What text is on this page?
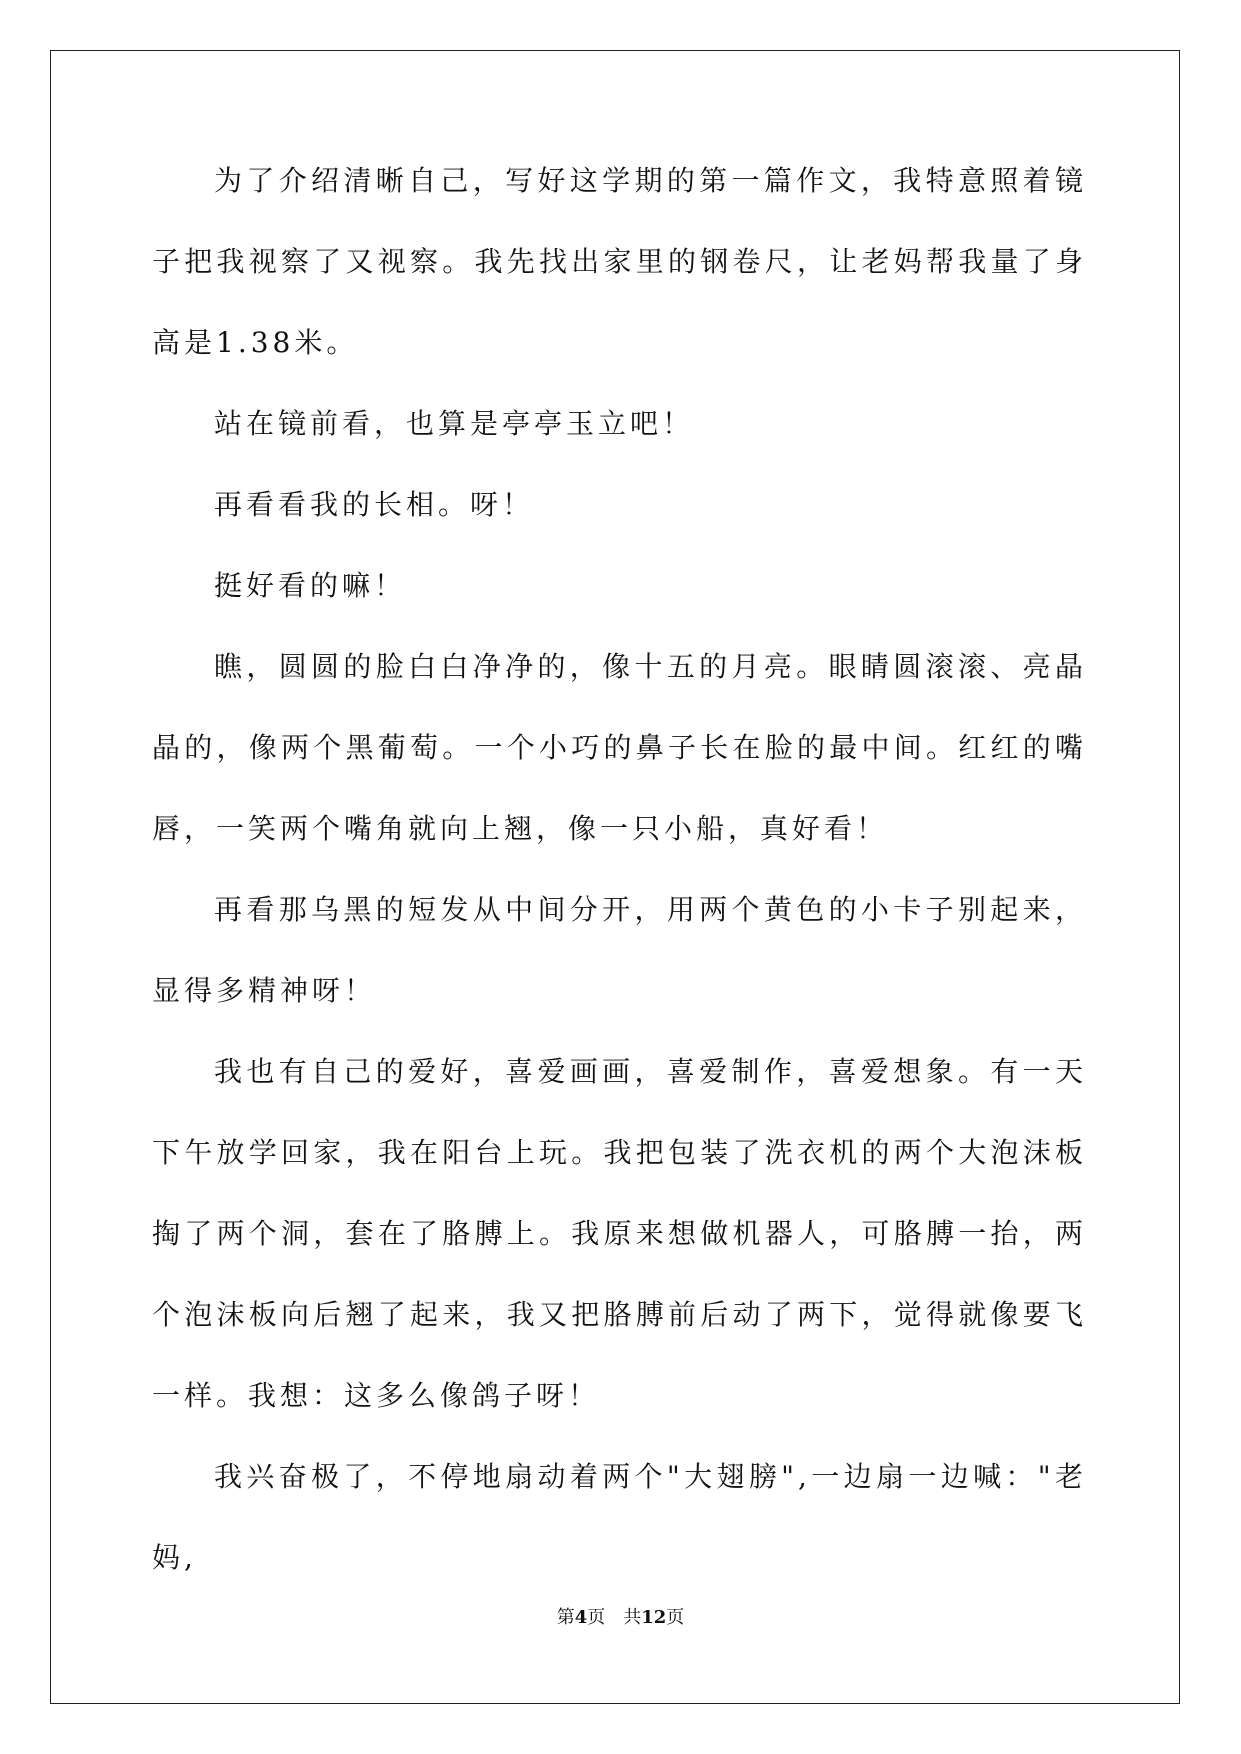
为了介绍清晰自己，写好这学期的第一篇作文，我特意照着镜子把我视察了又视察。我先找出家里的钢卷尺，让老妈帮我量了身高是1.38米。

站在镜前看，也算是亭亭玉立吧！

再看看我的长相。呀！

挺好看的嘛！

瞧，圆圆的脸白白净净的，像十五的月亮。眼睛圆滚滚、亮晶晶的，像两个黑葡萄。一个小巧的鼻子长在脸的最中间。红红的嘴唇，一笑两个嘴角就向上翘，像一只小船，真好看！

再看那乌黑的短发从中间分开，用两个黄色的小卡子别起来，显得多精神呀！

我也有自己的爱好，喜爱画画，喜爱制作，喜爱想象。有一天下午放学回家，我在阳台上玩。我把包装了洗衣机的两个大泡沫板掏了两个洞，套在了胳膊上。我原来想做机器人，可胳膊一抬，两个泡沫板向后翘了起来，我又把胳膊前后动了两下，觉得就像要飞一样。我想：这多么像鸽子呀！

我兴奋极了，不停地扇动着两个"大翅膀",一边扇一边喊："老妈,

第4页　共12页
